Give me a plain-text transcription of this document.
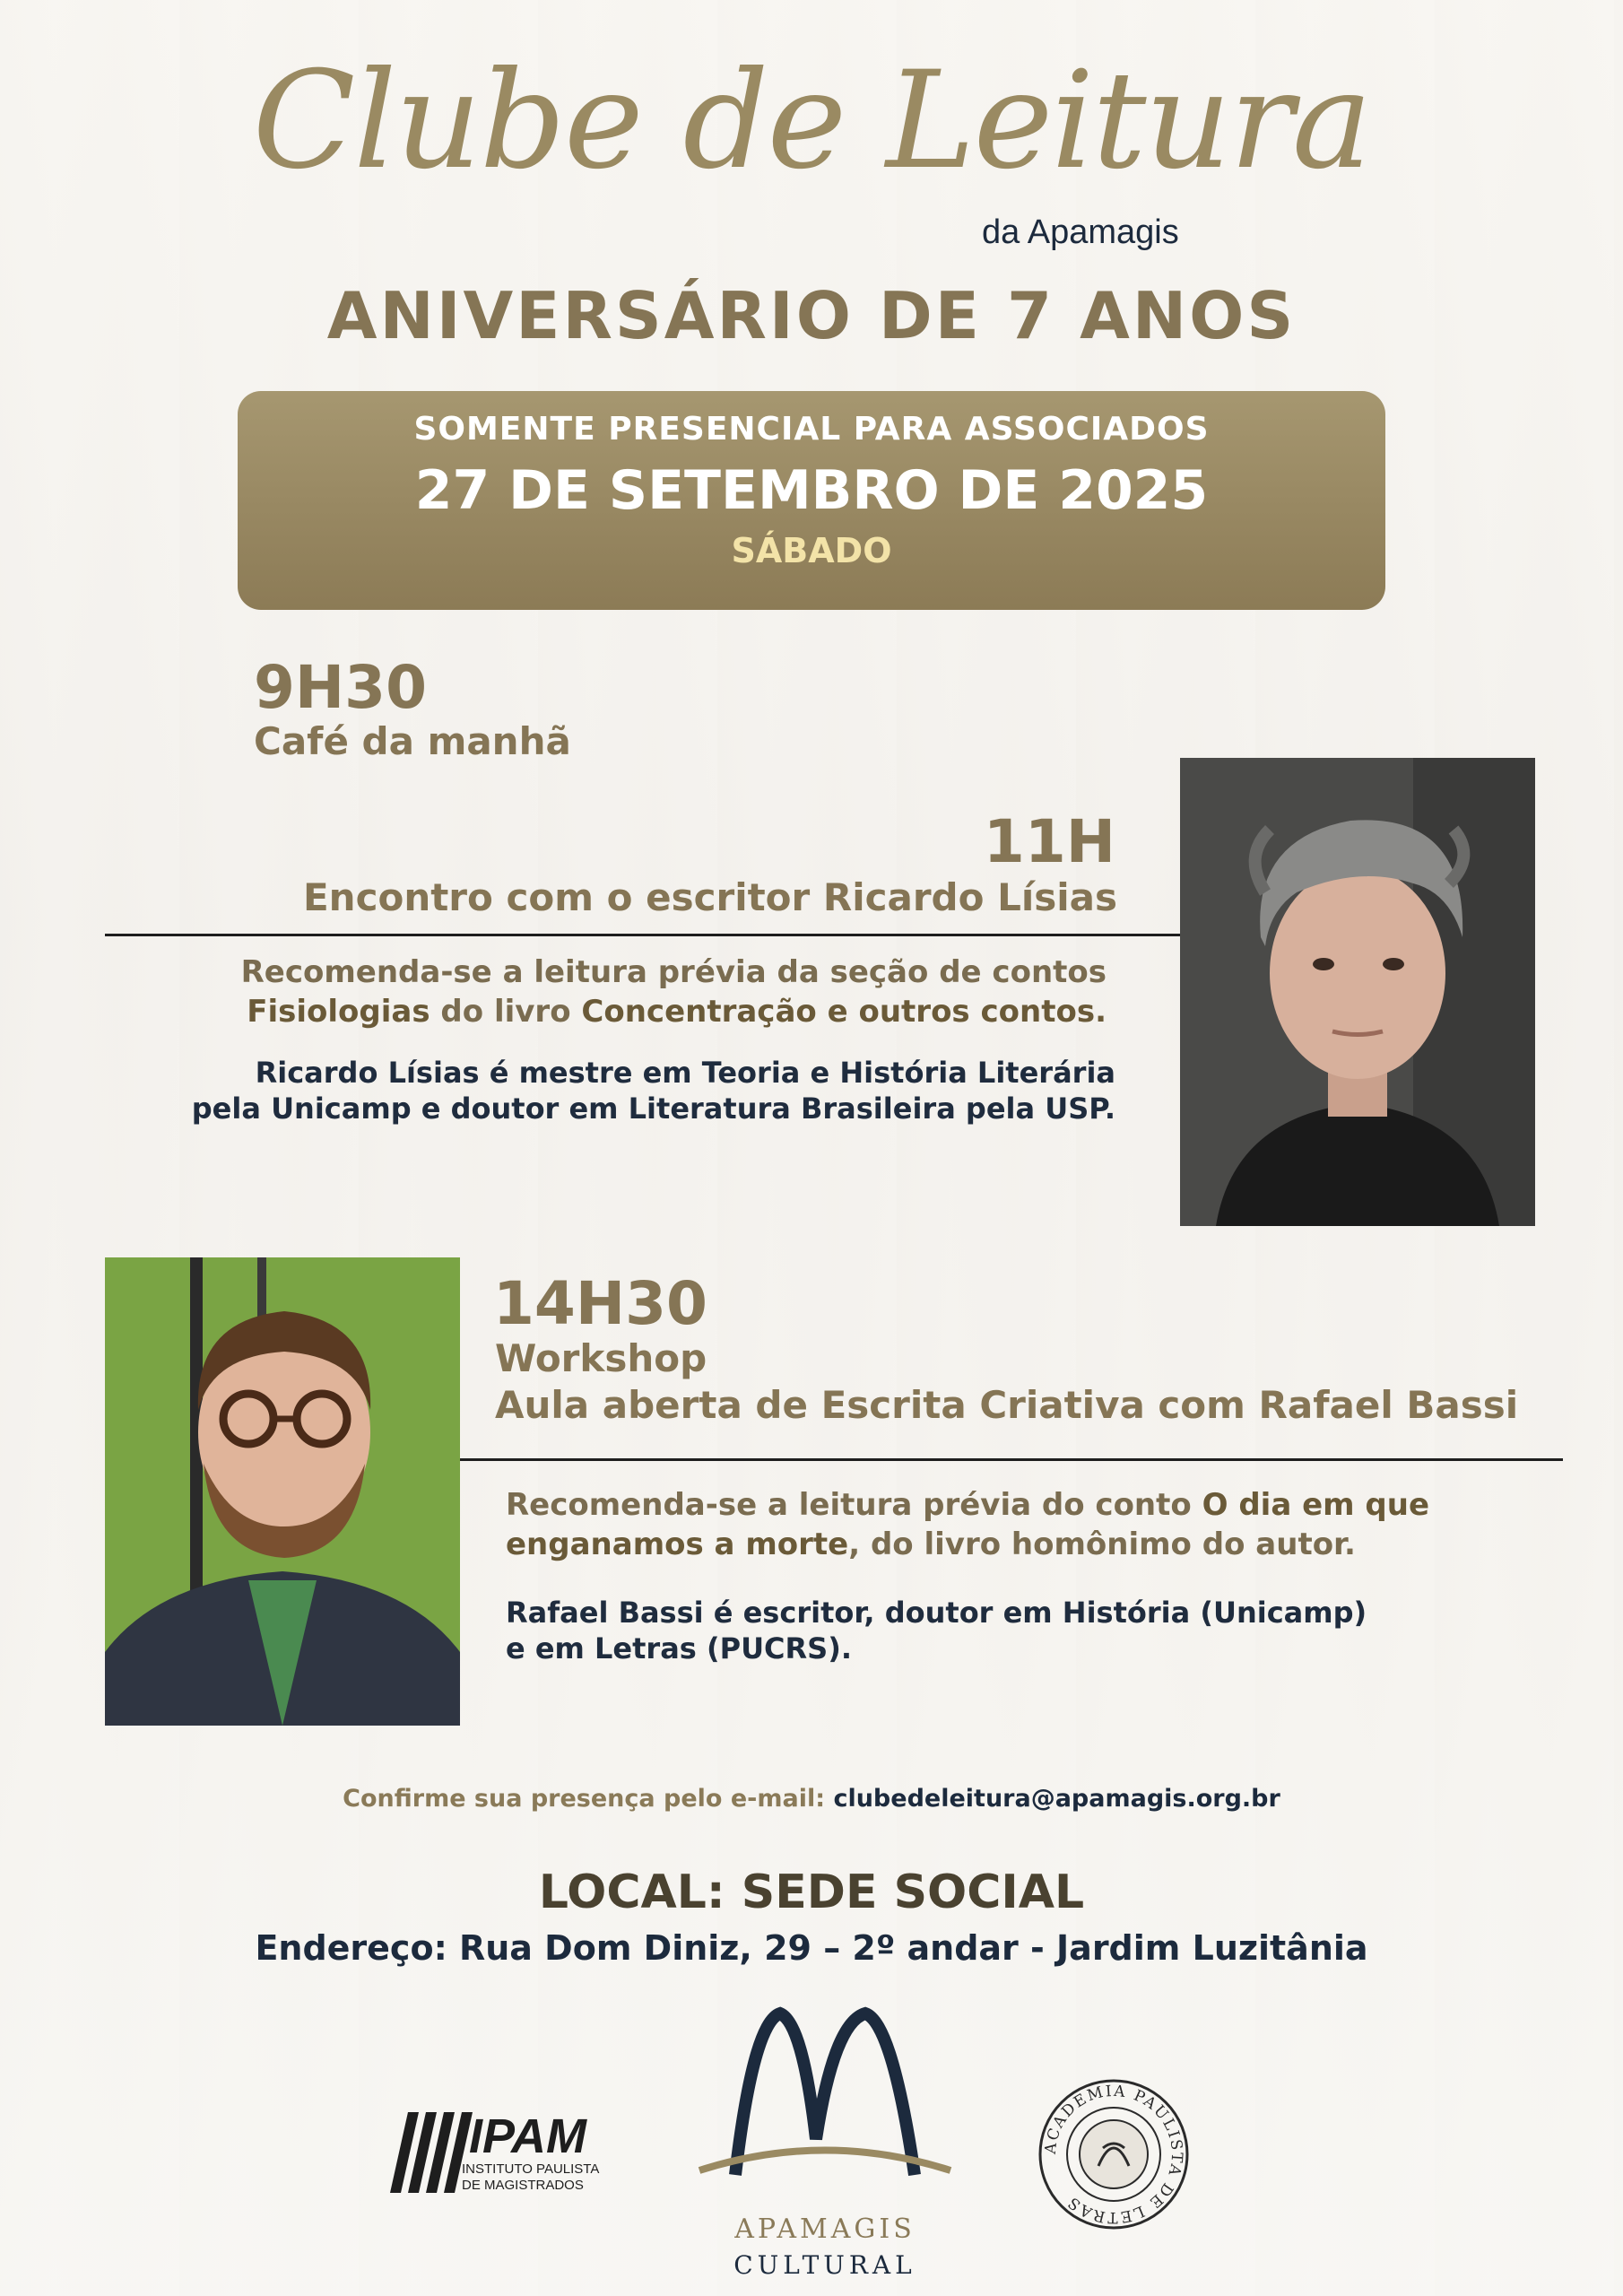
Clube de Leitura
da Apamagis
ANIVERSÁRIO DE 7 ANOS
SOMENTE PRESENCIAL PARA ASSOCIADOS
27 DE SETEMBRO DE 2025
SÁBADO
9H30
Café da manhã
11H
Encontro com o escritor Ricardo Lísias
Recomenda-se a leitura prévia da seção de contos
Fisiologias do livro Concentração e outros contos.
Ricardo Lísias é mestre em Teoria e História Literária
pela Unicamp e doutor em Literatura Brasileira pela USP.
14H30
Workshop
Aula aberta de Escrita Criativa com Rafael Bassi
Recomenda-se a leitura prévia do conto O dia em que
enganamos a morte, do livro homônimo do autor.
Rafael Bassi é escritor, doutor em História (Unicamp)
e em Letras (PUCRS).
Confirme sua presença pelo e-mail: clubedeleitura@apamagis.org.br
LOCAL: SEDE SOCIAL
Endereço: Rua Dom Diniz, 29 – 2º andar - Jardim Luzitânia
IPAM
INSTITUTO PAULISTA
DE MAGISTRADOS
APAMAGIS
CULTURAL
ACADEMIA PAULISTA DE LETRAS
